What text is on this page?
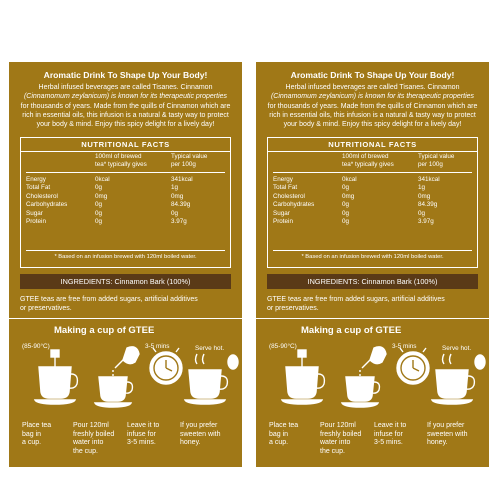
Aromatic Drink To Shape Up Your Body!
Herbal infused beverages are called Tisanes. Cinnamon
(Cinnamomum zeylanicum) is known for its therapeutic properties
for thousands of years. Made from the quills of Cinnamon which are
rich in essential oils, this infusion is a natural & tasty way to protect
your body & mind. Enjoy this spicy delight for a lively day!
NUTRITIONAL FACTS
100ml of brewed
tea* typically gives
Typical value
per 100g
Energy	0kcal	341kcal
Total Fat	0g	1g
Cholesterol	0mg	0mg
Carbohydrates	0g	84.39g
Sugar	0g	0g
Protein	0g	3.97g
* Based on an infusion brewed with 120ml boiled water.
INGREDIENTS: Cinnamon Bark (100%)
GTEE teas are free from added sugars, artificial additives
or preservatives.
Making a cup of GTEE
(85-90°C)	3-5 mins	Serve hot.
Place tea
bag in
a cup.
Pour 120ml
freshly boiled
water into
the cup.
Leave it to
infuse for
3-5 mins.
If you prefer
sweeten with
honey.
Do not add milk.   Do not boil the tea bag in water.
Enjoy twice a day.  STORAGE: Preserve in a cool and dry place.
Aromatic Drink To Shape Up Your Body!
Herbal infused beverages are called Tisanes. Cinnamon
(Cinnamomum zeylanicum) is known for its therapeutic properties
for thousands of years. Made from the quills of Cinnamon which are
rich in essential oils, this infusion is a natural & tasty way to protect
your body & mind. Enjoy this spicy delight for a lively day!
NUTRITIONAL FACTS
100ml of brewed
tea* typically gives
Typical value
per 100g
Energy	0kcal	341kcal
Total Fat	0g	1g
Cholesterol	0mg	0mg
Carbohydrates	0g	84.39g
Sugar	0g	0g
Protein	0g	3.97g
* Based on an infusion brewed with 120ml boiled water.
INGREDIENTS: Cinnamon Bark (100%)
GTEE teas are free from added sugars, artificial additives
or preservatives.
Making a cup of GTEE
(85-90°C)	3-5 mins	Serve hot.
Place tea
bag in
a cup.
Pour 120ml
freshly boiled
water into
the cup.
Leave it to
infuse for
3-5 mins.
If you prefer
sweeten with
honey.
Do not add milk.   Do not boil the tea bag in water.
Enjoy twice a day.  STORAGE: Preserve in a cool and dry place.
